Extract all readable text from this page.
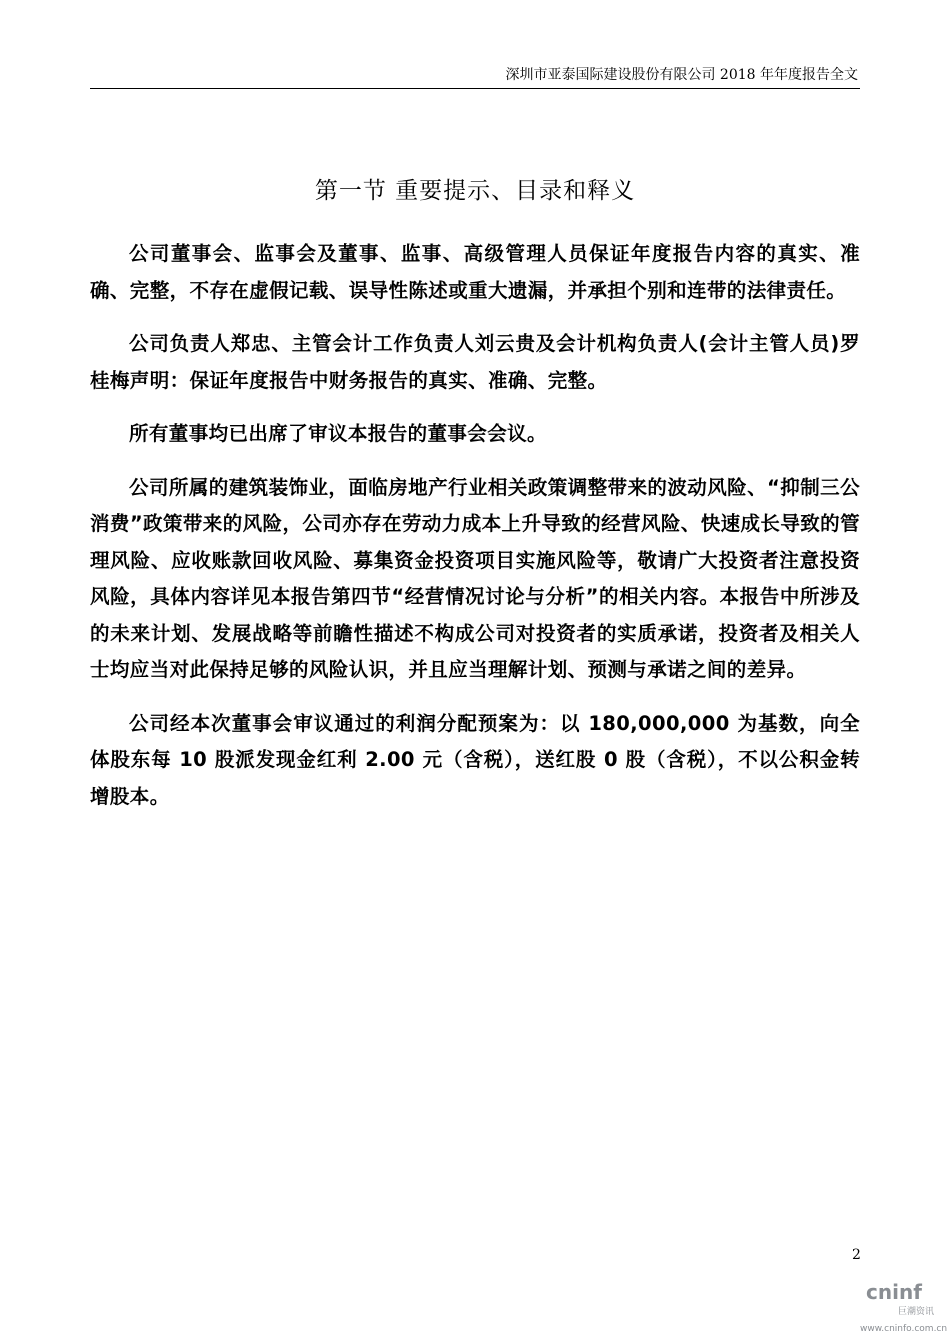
深圳市亚泰国际建设股份有限公司 2018 年年度报告全文
第一节 重要提示、目录和释义

公司董事会、监事会及董事、监事、高级管理人员保证年度报告内容的真实、准确、完整，不存在虚假记载、误导性陈述或重大遗漏，并承担个别和连带的法律责任。

公司负责人郑忠、主管会计工作负责人刘云贵及会计机构负责人(会计主管人员)罗桂梅声明：保证年度报告中财务报告的真实、准确、完整。

所有董事均已出席了审议本报告的董事会会议。

公司所属的建筑装饰业，面临房地产行业相关政策调整带来的波动风险、“抑制三公消费”政策带来的风险，公司亦存在劳动力成本上升导致的经营风险、快速成长导致的管理风险、应收账款回收风险、募集资金投资项目实施风险等，敬请广大投资者注意投资风险，具体内容详见本报告第四节“经营情况讨论与分析”的相关内容。本报告中所涉及的未来计划、发展战略等前瞻性描述不构成公司对投资者的实质承诺，投资者及相关人士均应当对此保持足够的风险认识，并且应当理解计划、预测与承诺之间的差异。

公司经本次董事会审议通过的利润分配预案为：以 180,000,000 为基数，向全体股东每 10 股派发现金红利 2.00 元（含税），送红股 0 股（含税），不以公积金转增股本。

2
cninf
巨潮资讯
www.cninfo.com.cn
